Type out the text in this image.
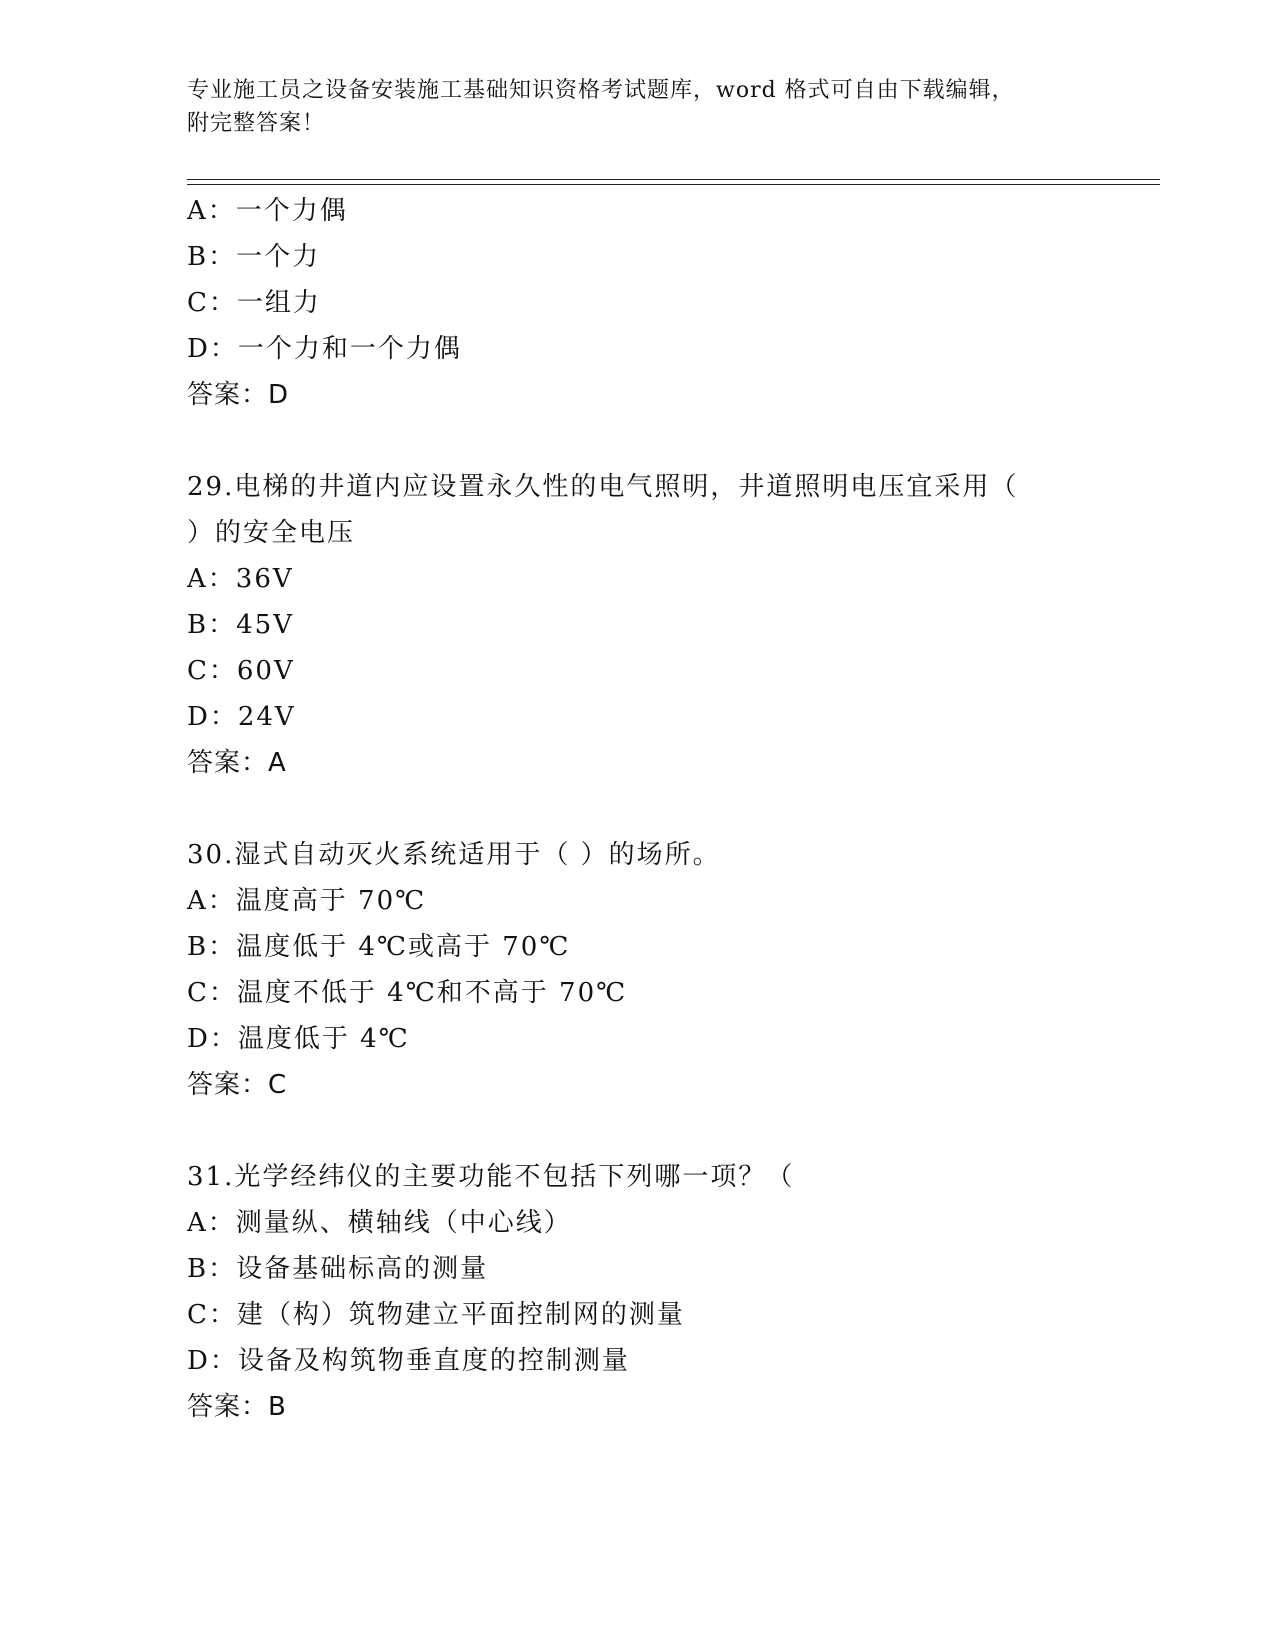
专业施工员之设备安装施工基础知识资格考试题库，word 格式可自由下载编辑，
附完整答案！
A：一个力偶
B：一个力
C：一组力
D：一个力和一个力偶
答案：D
29.电梯的井道内应设置永久性的电气照明，井道照明电压宜采用（
）的安全电压
A：36V
B：45V
C：60V
D：24V
答案：A
30.湿式自动灭火系统适用于（ ）的场所。
A：温度高于 70℃
B：温度低于 4℃或高于 70℃
C：温度不低于 4℃和不高于 70℃
D：温度低于 4℃
答案：C
31.光学经纬仪的主要功能不包括下列哪一项？（
A：测量纵、横轴线（中心线）
B：设备基础标高的测量
C：建（构）筑物建立平面控制网的测量
D：设备及构筑物垂直度的控制测量
答案：B
